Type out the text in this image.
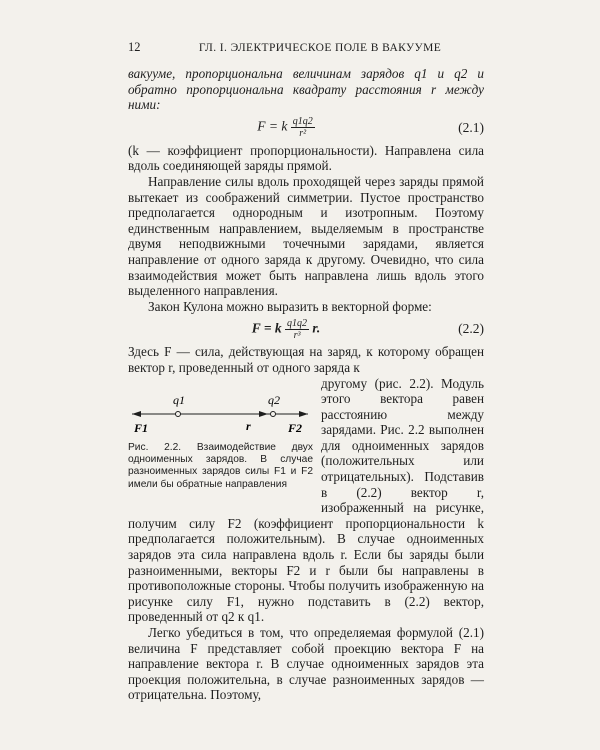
12	ГЛ. I. ЭЛЕКТРИЧЕСКОЕ ПОЛЕ В ВАКУУМЕ

вакууме, пропорциональна величинам зарядов q1 и q2 и обратно пропорциональна квадрату расстояния r между ними:

F = k $\frac{q1q2}{\text{r²}}$	(2.1)

(k — коэффициент пропорциональности). Направлена сила вдоль соединяющей заряды прямой.

Направление силы вдоль проходящей через заряды прямой вытекает из соображений симметрии. Пустое пространство предполагается однородным и изотропным. Поэтому единственным направлением, выделяемым в пространстве двумя неподвижными точечными зарядами, является направление от одного заряда к другому. Очевидно, что сила взаимодействия может быть направлена лишь вдоль этого выделенного направления.

Закон Кулона можно выразить в векторной форме:

F = k $\frac{q1q2}{\text{r³}} r$.	(2.2)

Здесь F — сила, действующая на заряд, к которому обращен вектор r, проведенный от одного заряда к

q1	q2
r
F1	F2
Рис. 2.2. Взаимодействие двух одноименных зарядов. В случае разноименных зарядов силы F1 и F2 имели бы обратные направления

другому (рис. 2.2). Модуль этого вектора равен расстоянию между зарядами. Рис. 2.2 выполнен для одноименных зарядов (положительных или отрицательных). Подставив в (2.2) вектор r, изображенный на рисунке, получим силу F2 (коэффициент пропорциональности k предполагается положительным). В случае одноименных зарядов эта сила направлена вдоль r. Если бы заряды были разноименными, векторы F2 и r были бы направлены в противоположные стороны. Чтобы получить изображенную на рисунке силу F1, нужно подставить в (2.2) вектор, проведенный от q2 к q1.

Легко убедиться в том, что определяемая формулой (2.1) величина F представляет собой проекцию вектора F на направление вектора r. В случае одноименных зарядов эта проекция положительна, в случае разноименных зарядов — отрицательна. Поэтому,
